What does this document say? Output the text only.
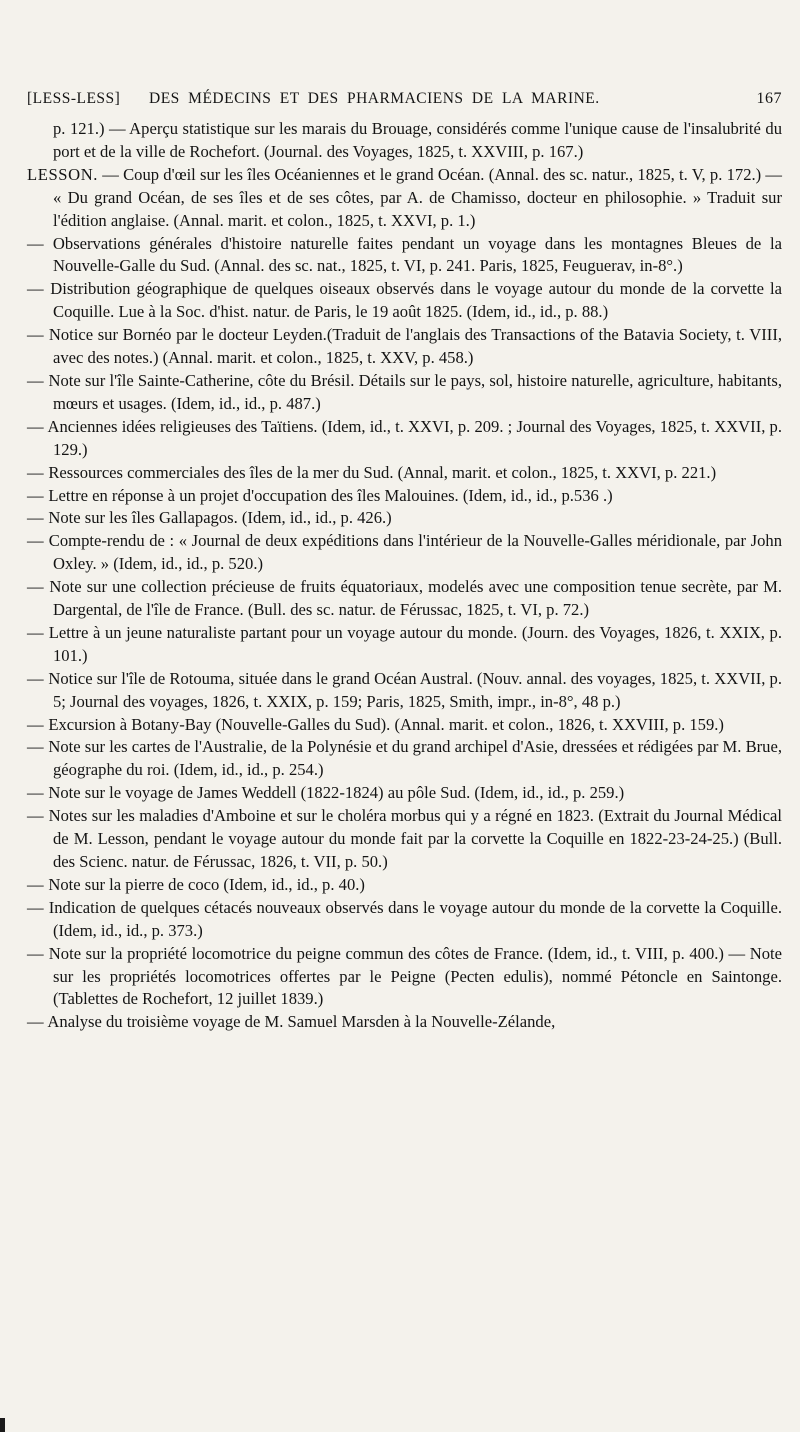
[LESS-LESS] DES MÉDECINS ET DES PHARMACIENS DE LA MARINE.	167

p. 121.) — Aperçu statistique sur les marais du Brouage, considérés comme l'unique cause de l'insalubrité du port et de la ville de Rochefort. (Journal. des Voyages, 1825, t. XXVIII, p. 167.)

LESSON. — Coup d'œil sur les îles Océaniennes et le grand Océan. (Annal. des sc. natur., 1825, t. V, p. 172.) — « Du grand Océan, de ses îles et de ses côtes, par A. de Chamisso, docteur en philosophie. » Traduit sur l'édition anglaise. (Annal. marit. et colon., 1825, t. XXVI, p. 1.)

— Observations générales d'histoire naturelle faites pendant un voyage dans les montagnes Bleues de la Nouvelle-Galle du Sud. (Annal. des sc. nat., 1825, t. VI, p. 241. Paris, 1825, Feuguerav, in-8°.)

— Distribution géographique de quelques oiseaux observés dans le voyage autour du monde de la corvette la Coquille. Lue à la Soc. d'hist. natur. de Paris, le 19 août 1825. (Idem, id., id., p. 88.)

— Notice sur Bornéo par le docteur Leyden.(Traduit de l'anglais des Transactions of the Batavia Society, t. VIII, avec des notes.) (Annal. marit. et colon., 1825, t. XXV, p. 458.)

— Note sur l'île Sainte-Catherine, côte du Brésil. Détails sur le pays, sol, histoire naturelle, agriculture, habitants, mœurs et usages. (Idem, id., id., p. 487.)

— Anciennes idées religieuses des Taïtiens. (Idem, id., t. XXVI, p. 209. ; Journal des Voyages, 1825, t. XXVII, p. 129.)

— Ressources commerciales des îles de la mer du Sud. (Annal, marit. et colon., 1825, t. XXVI, p. 221.)

— Lettre en réponse à un projet d'occupation des îles Malouines. (Idem, id., id., p.536 .)

— Note sur les îles Gallapagos. (Idem, id., id., p. 426.)

— Compte-rendu de : « Journal de deux expéditions dans l'intérieur de la Nouvelle-Galles méridionale, par John Oxley. » (Idem, id., id., p. 520.)

— Note sur une collection précieuse de fruits équatoriaux, modelés avec une composition tenue secrète, par M. Dargental, de l'île de France. (Bull. des sc. natur. de Férussac, 1825, t. VI, p. 72.)

— Lettre à un jeune naturaliste partant pour un voyage autour du monde. (Journ. des Voyages, 1826, t. XXIX, p. 101.)

— Notice sur l'île de Rotouma, située dans le grand Océan Austral. (Nouv. annal. des voyages, 1825, t. XXVII, p. 5; Journal des voyages, 1826, t. XXIX, p. 159; Paris, 1825, Smith, impr., in-8°, 48 p.)

— Excursion à Botany-Bay (Nouvelle-Galles du Sud). (Annal. marit. et colon., 1826, t. XXVIII, p. 159.)

— Note sur les cartes de l'Australie, de la Polynésie et du grand archipel d'Asie, dressées et rédigées par M. Brue, géographe du roi. (Idem, id., id., p. 254.)

— Note sur le voyage de James Weddell (1822-1824) au pôle Sud. (Idem, id., id., p. 259.)

— Notes sur les maladies d'Amboine et sur le choléra morbus qui y a régné en 1823. (Extrait du Journal Médical de M. Lesson, pendant le voyage autour du monde fait par la corvette la Coquille en 1822-23-24-25.) (Bull. des Scienc. natur. de Férussac, 1826, t. VII, p. 50.)

— Note sur la pierre de coco (Idem, id., id., p. 40.)

— Indication de quelques cétacés nouveaux observés dans le voyage autour du monde de la corvette la Coquille. (Idem, id., id., p. 373.)

— Note sur la propriété locomotrice du peigne commun des côtes de France. (Idem, id., t. VIII, p. 400.) — Note sur les propriétés locomotrices offertes par le Peigne (Pecten edulis), nommé Pétoncle en Saintonge. (Tablettes de Rochefort, 12 juillet 1839.)

— Analyse du troisième voyage de M. Samuel Marsden à la Nouvelle-Zélande,
